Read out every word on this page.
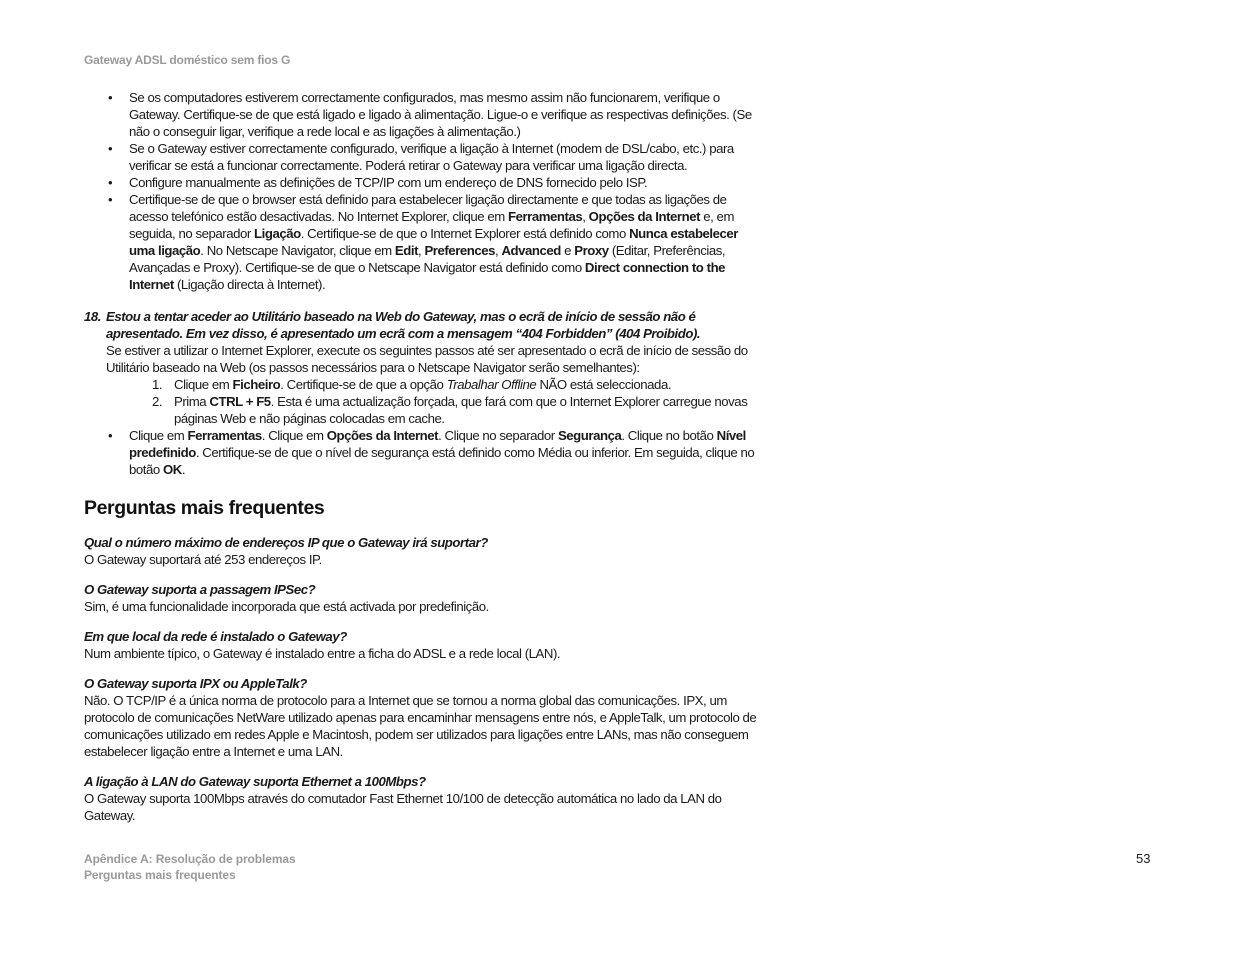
Gateway ADSL doméstico sem fios G
• Se os computadores estiverem correctamente configurados, mas mesmo assim não funcionarem, verifique o Gateway. Certifique-se de que está ligado e ligado à alimentação. Ligue-o e verifique as respectivas definições. (Se não o conseguir ligar, verifique a rede local e as ligações à alimentação.)
• Se o Gateway estiver correctamente configurado, verifique a ligação à Internet (modem de DSL/cabo, etc.) para verificar se está a funcionar correctamente. Poderá retirar o Gateway para verificar uma ligação directa.
• Configure manualmente as definições de TCP/IP com um endereço de DNS fornecido pelo ISP.
• Certifique-se de que o browser está definido para estabelecer ligação directamente e que todas as ligações de acesso telefónico estão desactivadas. No Internet Explorer, clique em Ferramentas, Opções da Internet e, em seguida, no separador Ligação. Certifique-se de que o Internet Explorer está definido como Nunca estabelecer uma ligação. No Netscape Navigator, clique em Edit, Preferences, Advanced e Proxy (Editar, Preferências, Avançadas e Proxy). Certifique-se de que o Netscape Navigator está definido como Direct connection to the Internet (Ligação directa à Internet).
18. Estou a tentar aceder ao Utilitário baseado na Web do Gateway, mas o ecrã de início de sessão não é apresentado. Em vez disso, é apresentado um ecrã com a mensagem “404 Forbidden” (404 Proibido).
Se estiver a utilizar o Internet Explorer, execute os seguintes passos até ser apresentado o ecrã de início de sessão do Utilitário baseado na Web (os passos necessários para o Netscape Navigator serão semelhantes):
1. Clique em Ficheiro. Certifique-se de que a opção Trabalhar Offline NÃO está seleccionada.
2. Prima CTRL + F5. Esta é uma actualização forçada, que fará com que o Internet Explorer carregue novas páginas Web e não páginas colocadas em cache.
• Clique em Ferramentas. Clique em Opções da Internet. Clique no separador Segurança. Clique no botão Nível predefinido. Certifique-se de que o nível de segurança está definido como Média ou inferior. Em seguida, clique no botão OK.
Perguntas mais frequentes
Qual o número máximo de endereços IP que o Gateway irá suportar?
O Gateway suportará até 253 endereços IP.
O Gateway suporta a passagem IPSec?
Sim, é uma funcionalidade incorporada que está activada por predefinição.
Em que local da rede é instalado o Gateway?
Num ambiente típico, o Gateway é instalado entre a ficha do ADSL e a rede local (LAN).
O Gateway suporta IPX ou AppleTalk?
Não. O TCP/IP é a única norma de protocolo para a Internet que se tornou a norma global das comunicações. IPX, um protocolo de comunicações NetWare utilizado apenas para encaminhar mensagens entre nós, e AppleTalk, um protocolo de comunicações utilizado em redes Apple e Macintosh, podem ser utilizados para ligações entre LANs, mas não conseguem estabelecer ligação entre a Internet e uma LAN.
A ligação à LAN do Gateway suporta Ethernet a 100Mbps?
O Gateway suporta 100Mbps através do comutador Fast Ethernet 10/100 de detecção automática no lado da LAN do Gateway.
Apêndice A: Resolução de problemas
Perguntas mais frequentes
53
